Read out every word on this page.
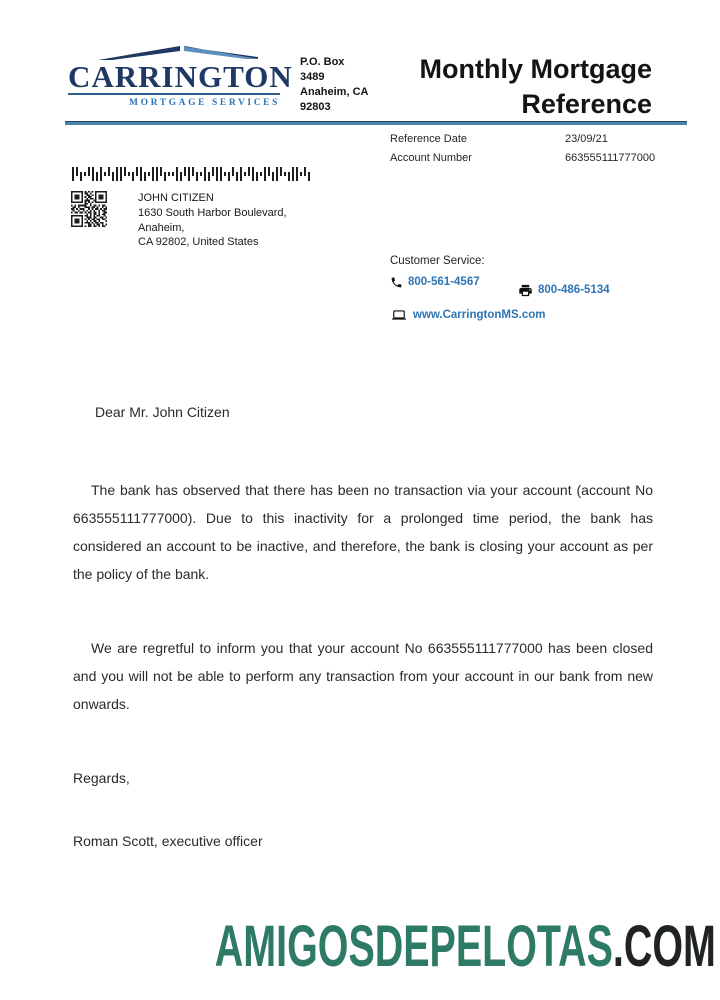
CARRINGTON
MORTGAGE SERVICES
P.O. Box
3489
Anaheim, CA
92803
Monthly Mortgage
Reference
Reference Date	23/09/21
Account Number	663555111777000
JOHN CITIZEN
1630 South Harbor Boulevard,
Anaheim,
CA 92802, United States
Customer Service:
800-561-4567
800-486-5134
www.CarringtonMS.com
Dear Mr. John Citizen
The bank has observed that there has been no transaction via your account (account No 663555111777000). Due to this inactivity for a prolonged time period, the bank has considered an account to be inactive, and therefore, the bank is closing your account as per the policy of the bank.
We are regretful to inform you that your account No 663555111777000 has been closed and you will not be able to perform any transaction from your account in our bank from new onwards.
Regards,
Roman Scott, executive officer
AMIGOSDEPELOTAS.COM
